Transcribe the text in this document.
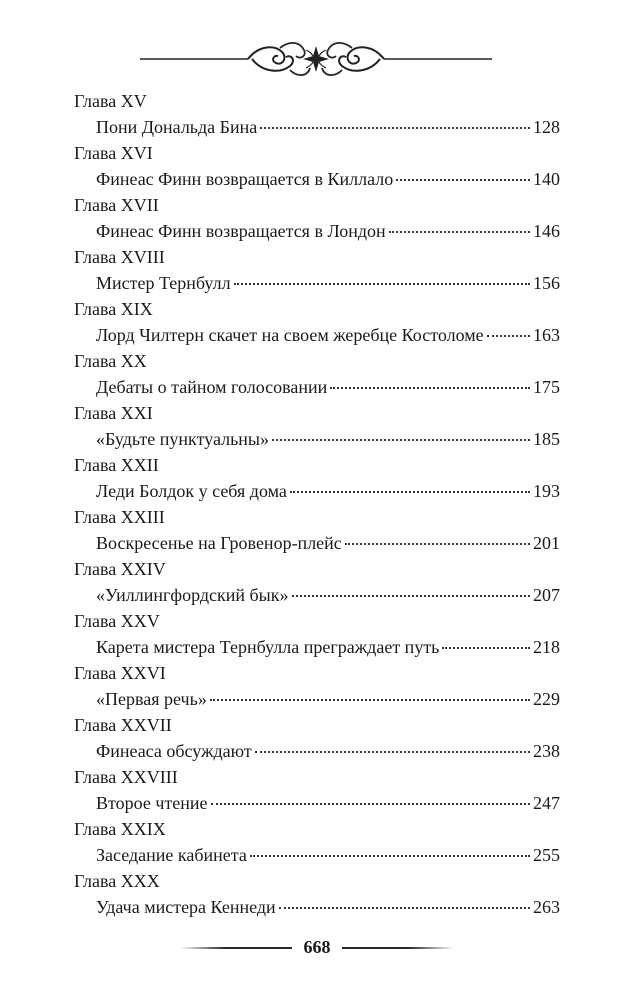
Глава XV
Пони Дональда Бина	128
Глава XVI
Финеас Финн возвращается в Киллало	140
Глава XVII
Финеас Финн возвращается в Лондон	146
Глава XVIII
Мистер Тернбулл	156
Глава XIX
Лорд Чилтерн скачет на своем жеребце Костоломе	163
Глава XX
Дебаты о тайном голосовании	175
Глава XXI
«Будьте пунктуальны»	185
Глава XXII
Леди Болдок у себя дома	193
Глава XXIII
Воскресенье на Гровенор-плейс	201
Глава XXIV
«Уиллингфордский бык»	207
Глава XXV
Карета мистера Тернбулла преграждает путь	218
Глава XXVI
«Первая речь»	229
Глава XXVII
Финеаса обсуждают	238
Глава XXVIII
Второе чтение	247
Глава XXIX
Заседание кабинета	255
Глава XXX
Удача мистера Кеннеди	263
668
